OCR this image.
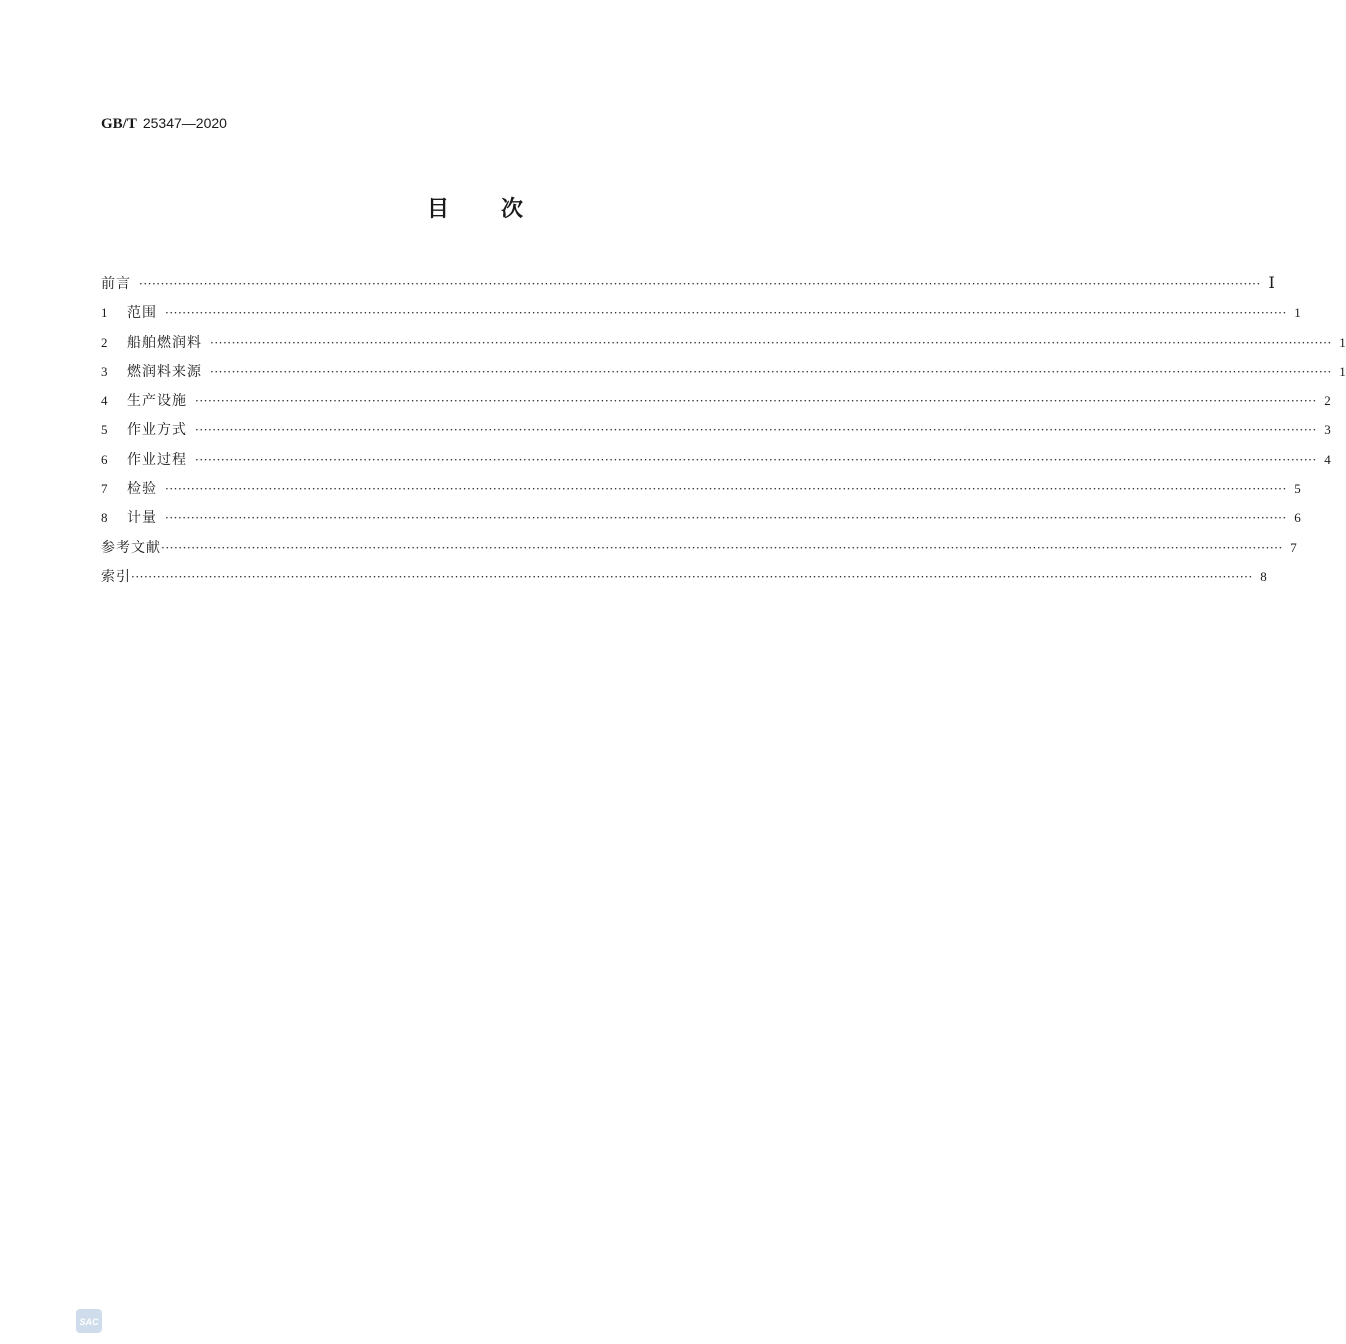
GB/T 25347—2020
目 次
前言 ···································································································································································································································································· Ⅰ
1	范围 ···································································································································································································································································· 1
2	船舶燃润料 ···································································································································································································································································· 1
3	燃润料来源 ···································································································································································································································································· 1
4	生产设施 ···································································································································································································································································· 2
5	作业方式 ···································································································································································································································································· 3
6	作业过程 ···································································································································································································································································· 4
7	检验 ···································································································································································································································································· 5
8	计量 ···································································································································································································································································· 6
参考文献 ···································································································································································································································································· 7
索引 ···································································································································································································································································· 8
SAC
